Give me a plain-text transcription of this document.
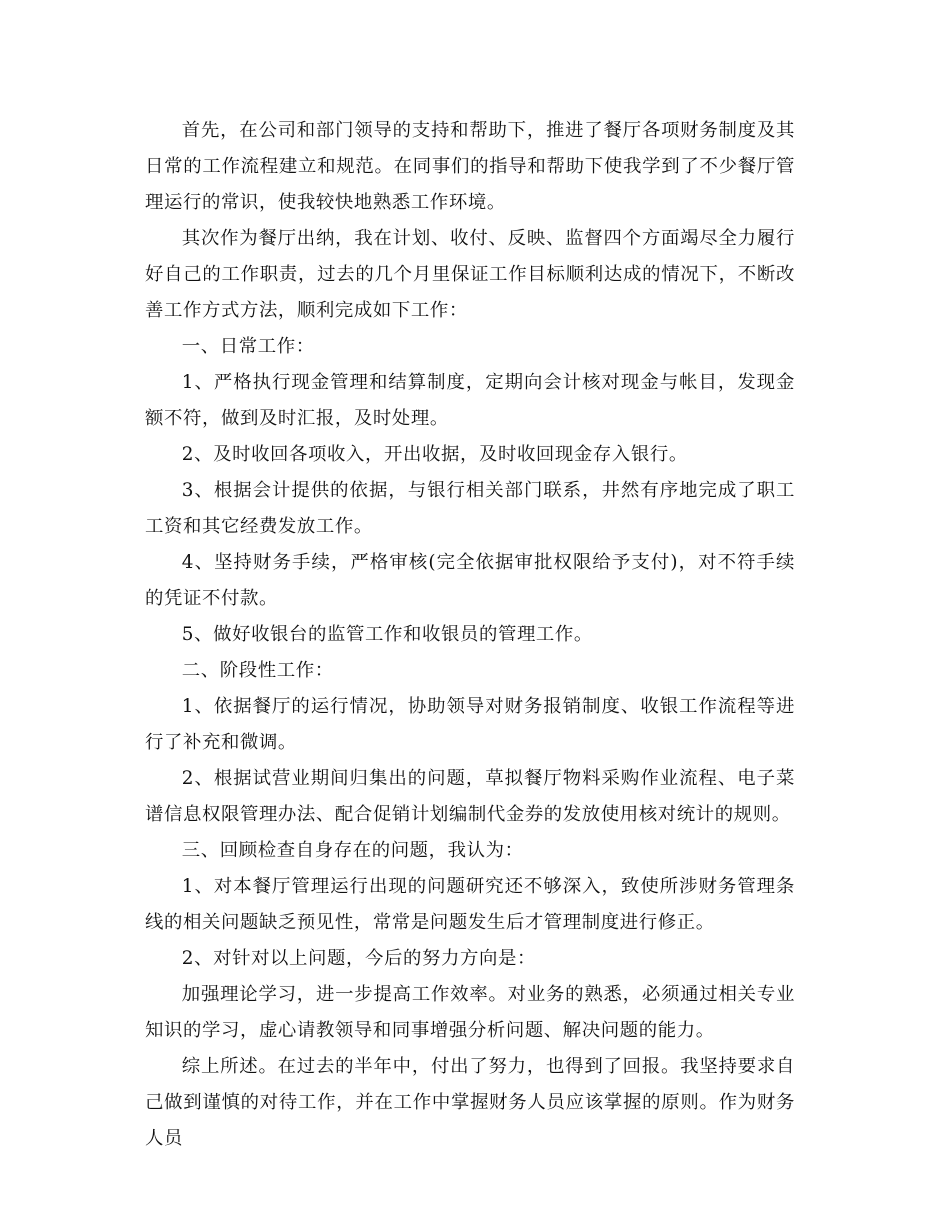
首先，在公司和部门领导的支持和帮助下，推进了餐厅各项财务制度及其日常的工作流程建立和规范。在同事们的指导和帮助下使我学到了不少餐厅管理运行的常识，使我较快地熟悉工作环境。

其次作为餐厅出纳，我在计划、收付、反映、监督四个方面竭尽全力履行好自己的工作职责，过去的几个月里保证工作目标顺利达成的情况下，不断改善工作方式方法，顺利完成如下工作：

一、日常工作：

1、严格执行现金管理和结算制度，定期向会计核对现金与帐目，发现金额不符，做到及时汇报，及时处理。

2、及时收回各项收入，开出收据，及时收回现金存入银行。

3、根据会计提供的依据，与银行相关部门联系，井然有序地完成了职工工资和其它经费发放工作。

4、坚持财务手续，严格审核(完全依据审批权限给予支付)，对不符手续的凭证不付款。

5、做好收银台的监管工作和收银员的管理工作。

二、阶段性工作：

1、依据餐厅的运行情况，协助领导对财务报销制度、收银工作流程等进行了补充和微调。

2、根据试营业期间归集出的问题，草拟餐厅物料采购作业流程、电子菜谱信息权限管理办法、配合促销计划编制代金券的发放使用核对统计的规则。

三、回顾检查自身存在的问题，我认为：

1、对本餐厅管理运行出现的问题研究还不够深入，致使所涉财务管理条线的相关问题缺乏预见性，常常是问题发生后才管理制度进行修正。

2、对针对以上问题，今后的努力方向是：

加强理论学习，进一步提高工作效率。对业务的熟悉，必须通过相关专业知识的学习，虚心请教领导和同事增强分析问题、解决问题的能力。

综上所述。在过去的半年中，付出了努力，也得到了回报。我坚持要求自己做到谨慎的对待工作，并在工作中掌握财务人员应该掌握的原则。作为财务人员
